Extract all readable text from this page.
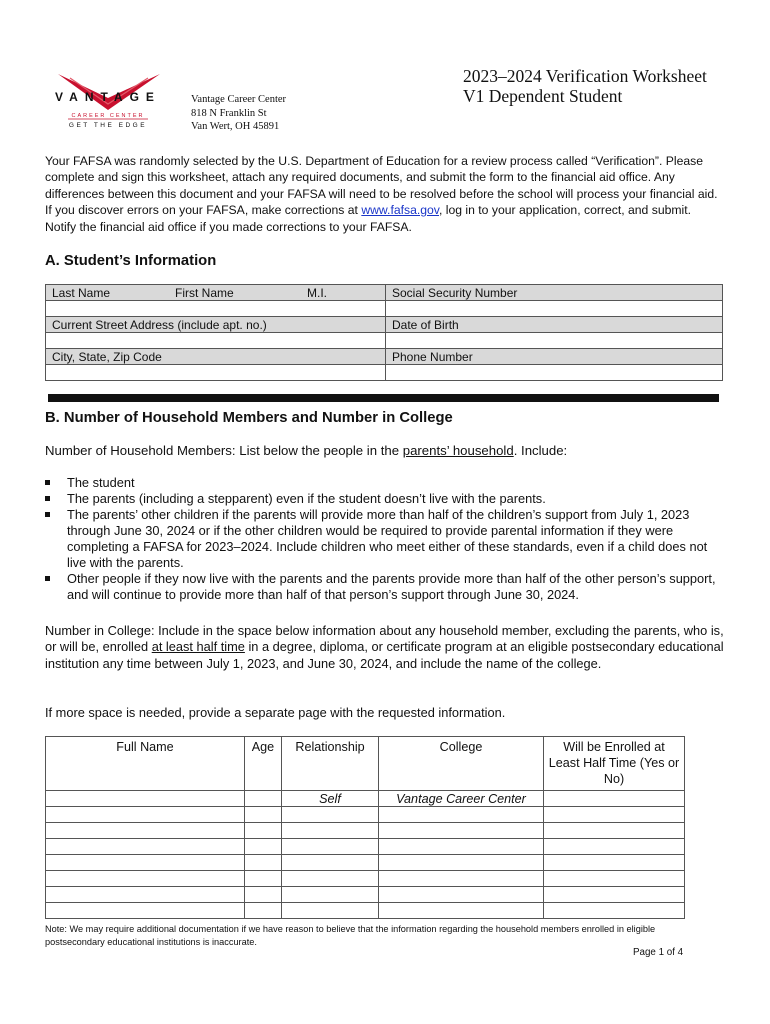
VANTAGE
CAREER CENTER
GET THE EDGE
Vantage Career Center
818 N Franklin St
Van Wert, OH 45891
2023–2024 Verification Worksheet
V1 Dependent Student
Your FAFSA was randomly selected by the U.S. Department of Education for a review process called “Verification”. Please complete and sign this worksheet, attach any required documents, and submit the form to the financial aid office. Any differences between this document and your FAFSA will need to be resolved before the school will process your financial aid. If you discover errors on your FAFSA, make corrections at www.fafsa.gov, log in to your application, correct, and submit. Notify the financial aid office if you made corrections to your FAFSA.
A. Student’s Information
Last Name First Name M.I.	Social Security Number

Current Street Address (include apt. no.)	Date of Birth

City, State, Zip Code	Phone Number

B. Number of Household Members and Number in College
Number of Household Members: List below the people in the parents’ household. Include:
The student
The parents (including a stepparent) even if the student doesn’t live with the parents.
The parents’ other children if the parents will provide more than half of the children’s support from July 1, 2023 through June 30, 2024 or if the other children would be required to provide parental information if they were completing a FAFSA for 2023–2024. Include children who meet either of these standards, even if a child does not live with the parents.
Other people if they now live with the parents and the parents provide more than half of the other person’s support, and will continue to provide more than half of that person’s support through June 30, 2024.
Number in College: Include in the space below information about any household member, excluding the parents, who is, or will be, enrolled at least half time in a degree, diploma, or certificate program at an eligible postsecondary educational institution any time between July 1, 2023, and June 30, 2024, and include the name of the college.
If more space is needed, provide a separate page with the requested information.
Full Name	Age	Relationship	College	Will be Enrolled at Least Half Time (Yes or No)
		Self	Vantage Career Center	

Note: We may require additional documentation if we have reason to believe that the information regarding the household members enrolled in eligible postsecondary educational institutions is inaccurate.
Page 1 of 4
